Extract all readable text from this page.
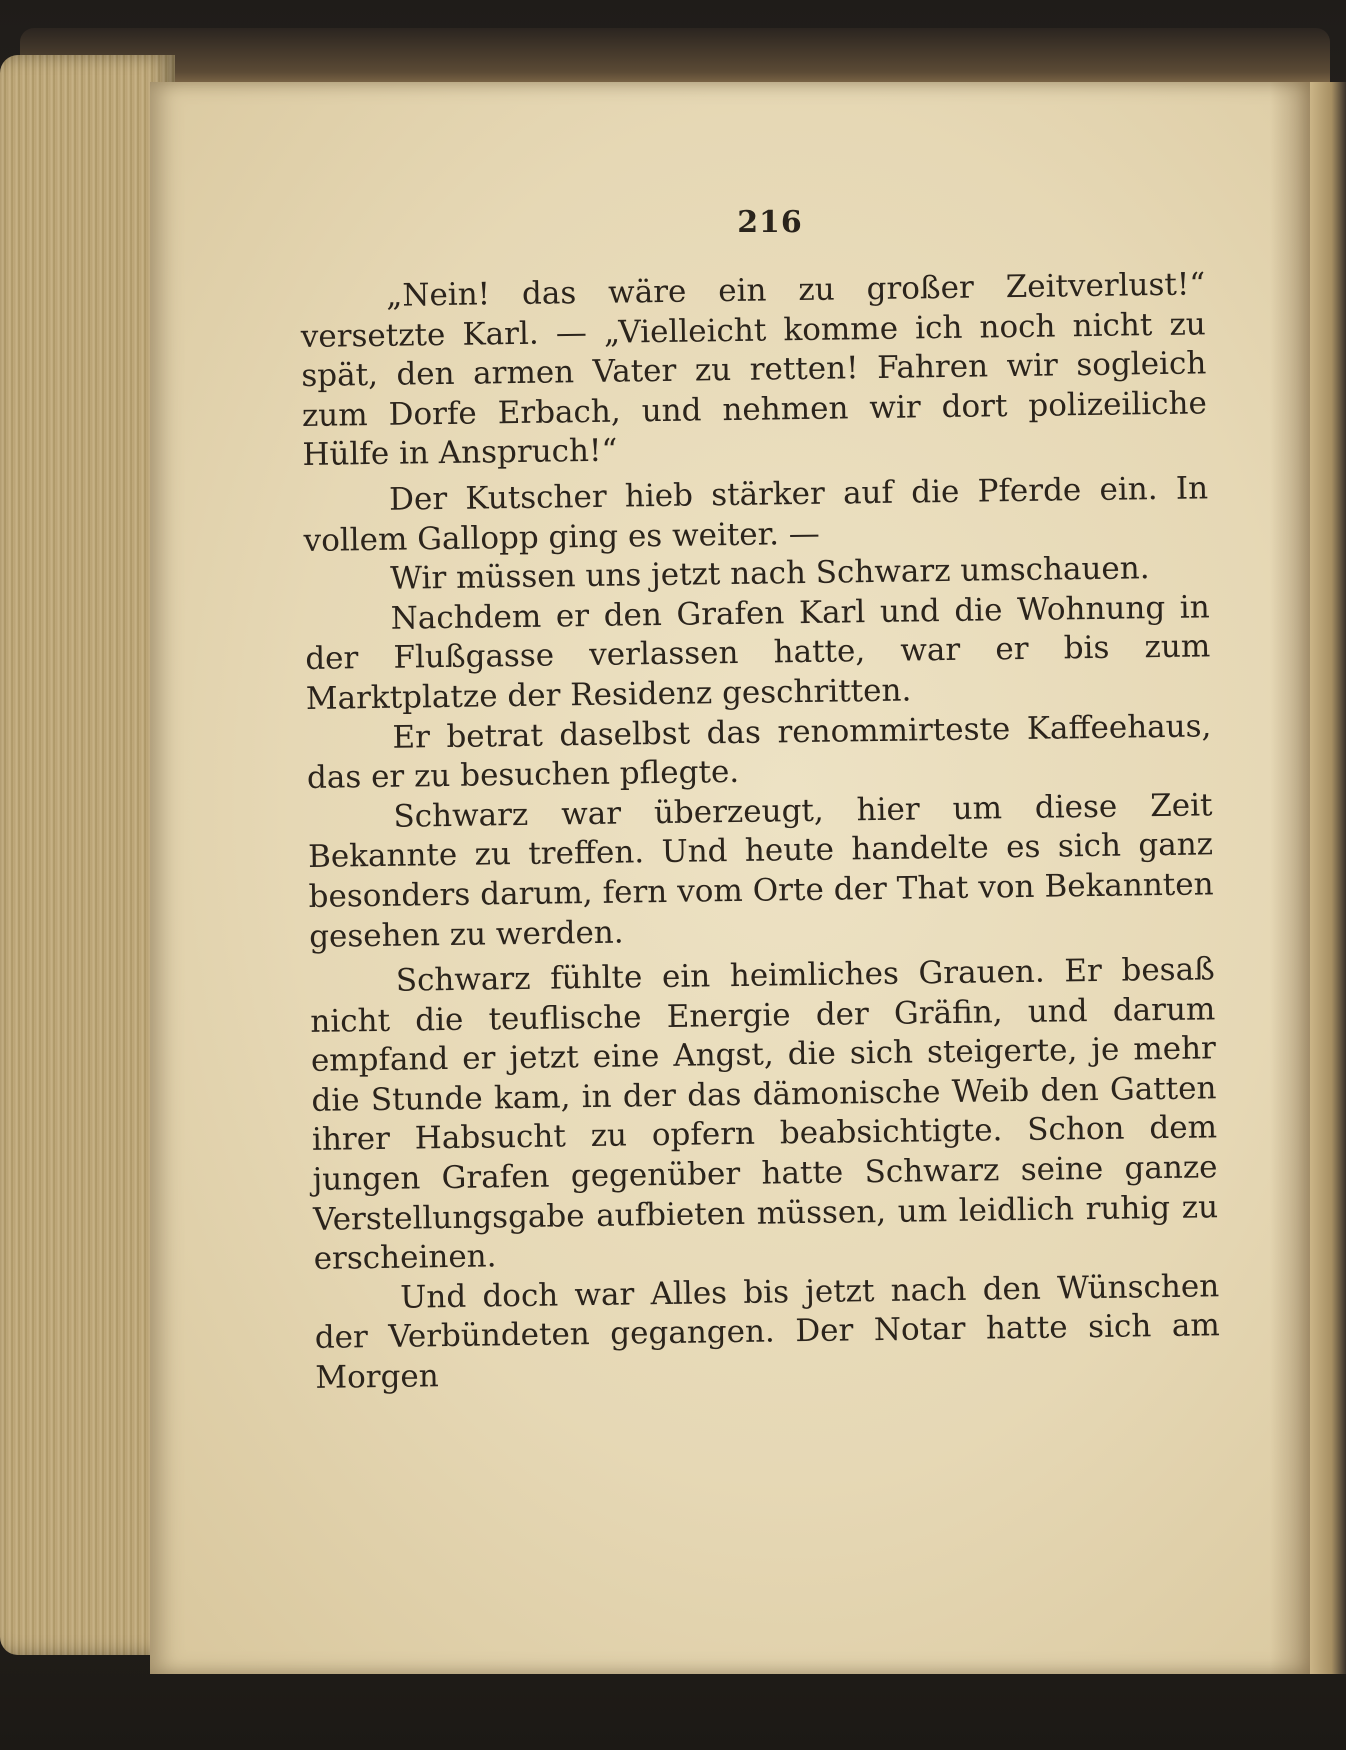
216

„Nein! das wäre ein zu großer Zeitverlust!“ versetzte Karl. — „Vielleicht komme ich noch nicht zu spät, den armen Vater zu retten! Fahren wir sogleich zum Dorfe Erbach, und nehmen wir dort polizeiliche Hülfe in Anspruch!“

Der Kutscher hieb stärker auf die Pferde ein. In vollem Gallopp ging es weiter. —

Wir müssen uns jetzt nach Schwarz umschauen.

Nachdem er den Grafen Karl und die Wohnung in der Flußgasse verlassen hatte, war er bis zum Marktplatze der Residenz geschritten.

Er betrat daselbst das renommirteste Kaffeehaus, das er zu besuchen pflegte.

Schwarz war überzeugt, hier um diese Zeit Bekannte zu treffen. Und heute handelte es sich ganz besonders darum, fern vom Orte der That von Bekannten gesehen zu werden.

Schwarz fühlte ein heimliches Grauen. Er besaß nicht die teuflische Energie der Gräfin, und darum empfand er jetzt eine Angst, die sich steigerte, je mehr die Stunde kam, in der das dämonische Weib den Gatten ihrer Habsucht zu opfern beabsichtigte. Schon dem jungen Grafen gegenüber hatte Schwarz seine ganze Verstellungsgabe aufbieten müssen, um leidlich ruhig zu erscheinen.

Und doch war Alles bis jetzt nach den Wünschen der Verbündeten gegangen. Der Notar hatte sich am Morgen
